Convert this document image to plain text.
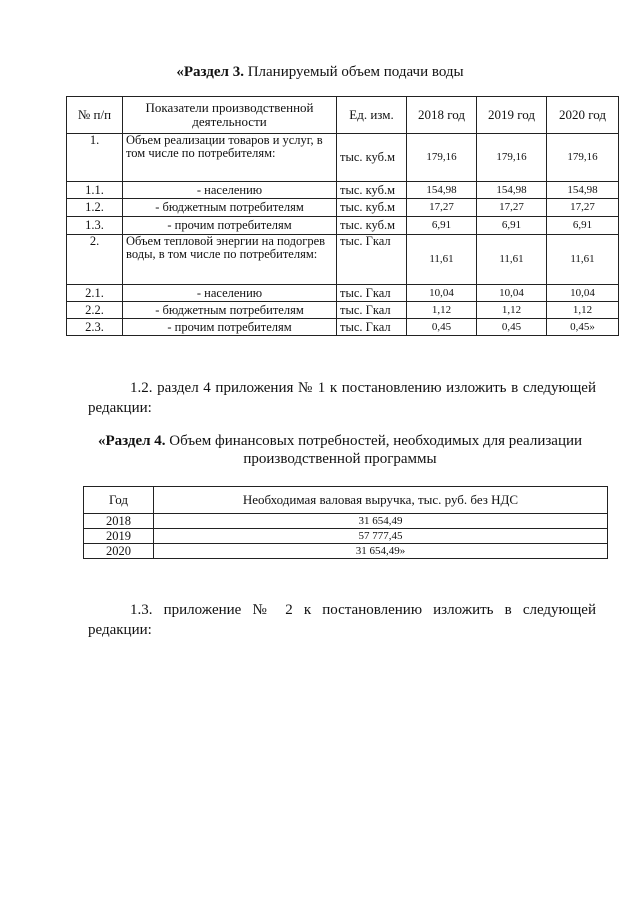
«Раздел 3. Планируемый объем подачи воды
№ п/п	Показатели производственной деятельности	Ед. изм.	2018 год	2019 год	2020 год
1.	Объем реализации товаров и услуг, в том числе по потребителям:	тыс. куб.м	179,16	179,16	179,16
1.1.	- населению	тыс. куб.м	154,98	154,98	154,98
1.2.	- бюджетным потребителям	тыс. куб.м	17,27	17,27	17,27
1.3.	- прочим потребителям	тыс. куб.м	6,91	6,91	6,91
2.	Объем тепловой энергии на подогрев воды, в том числе по потребителям:	тыс. Гкал	11,61	11,61	11,61
2.1.	- населению	тыс. Гкал	10,04	10,04	10,04
2.2.	- бюджетным потребителям	тыс. Гкал	1,12	1,12	1,12
2.3.	- прочим потребителям	тыс. Гкал	0,45	0,45	0,45»
1.2. раздел 4 приложения № 1 к постановлению изложить в следующей редакции:
«Раздел 4. Объем финансовых потребностей, необходимых для реализации производственной программы
Год	Необходимая валовая выручка, тыс. руб. без НДС
2018	31 654,49
2019	57 777,45
2020	31 654,49»
1.3. приложение № 2 к постановлению изложить в следующей редакции:
